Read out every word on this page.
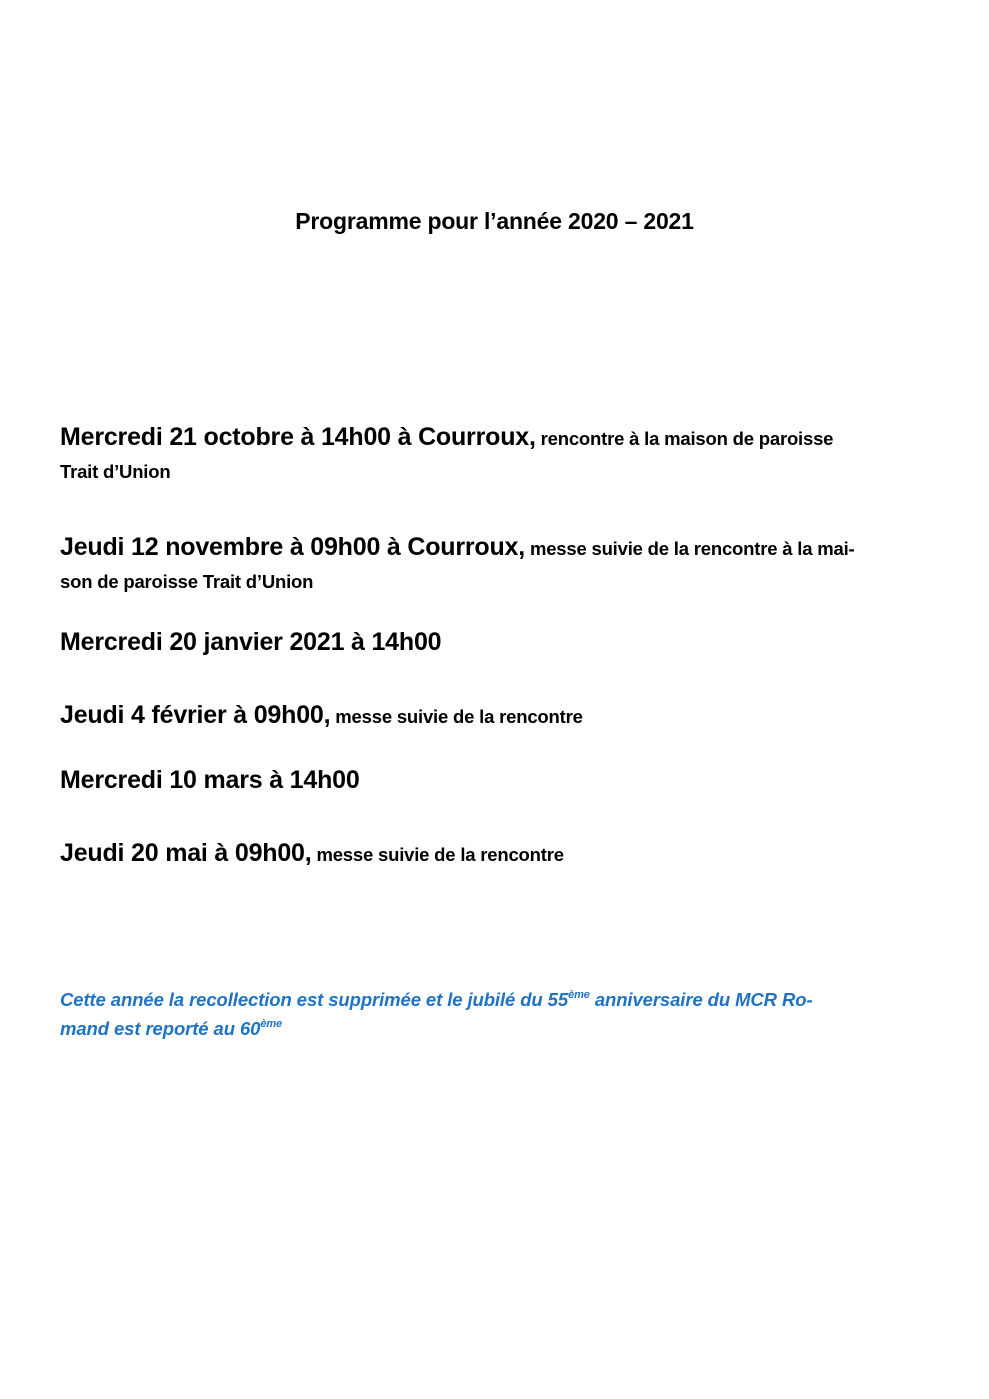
Programme pour l’année 2020 – 2021
Mercredi 21 octobre à 14h00 à Courroux, rencontre à la maison de paroisse
Trait d’Union
Jeudi 12 novembre à 09h00 à Courroux, messe suivie de la rencontre à la mai-
son de paroisse Trait d’Union
Mercredi 20 janvier 2021 à 14h00
Jeudi 4 février à 09h00, messe suivie de la rencontre
Mercredi 10 mars à 14h00
Jeudi 20 mai à 09h00, messe suivie de la rencontre
Cette année la recollection est supprimée et le jubilé du 55ème anniversaire du MCR Ro-
mand est reporté au 60ème
